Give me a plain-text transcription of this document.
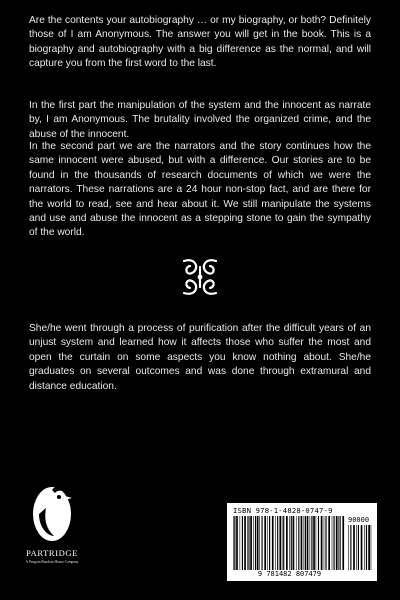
Are the contents your autobiography … or my biography, or both? Definitely those of I am Anonymous. The answer you will get in the book. This is a biography and autobiography with a big difference as the normal, and will capture you from the first word to the last.

In the first part the manipulation of the system and the innocent as narrate by, I am Anonymous. The brutality involved the organized crime, and the abuse of the innocent.

In the second part we are the narrators and the story continues how the same innocent were abused, but with a difference. Our stories are to be found in the thousands of research documents of which we were the narrators. These narrations are a 24 hour non-stop fact, and are there for the world to read, see and hear about it. We still manipulate the systems and use and abuse the innocent as a stepping stone to gain the sympathy of the world.

She/he went through a process of purification after the difficult years of an unjust system and learned how it affects those who suffer the most and open the curtain on some aspects you know nothing about. She/he graduates on several outcomes and was done through extramural and distance education.

PARTRIDGE
A Penguin Random House Company
ISBN 978-1-4828-0747-9
90000
9 781482 807479
